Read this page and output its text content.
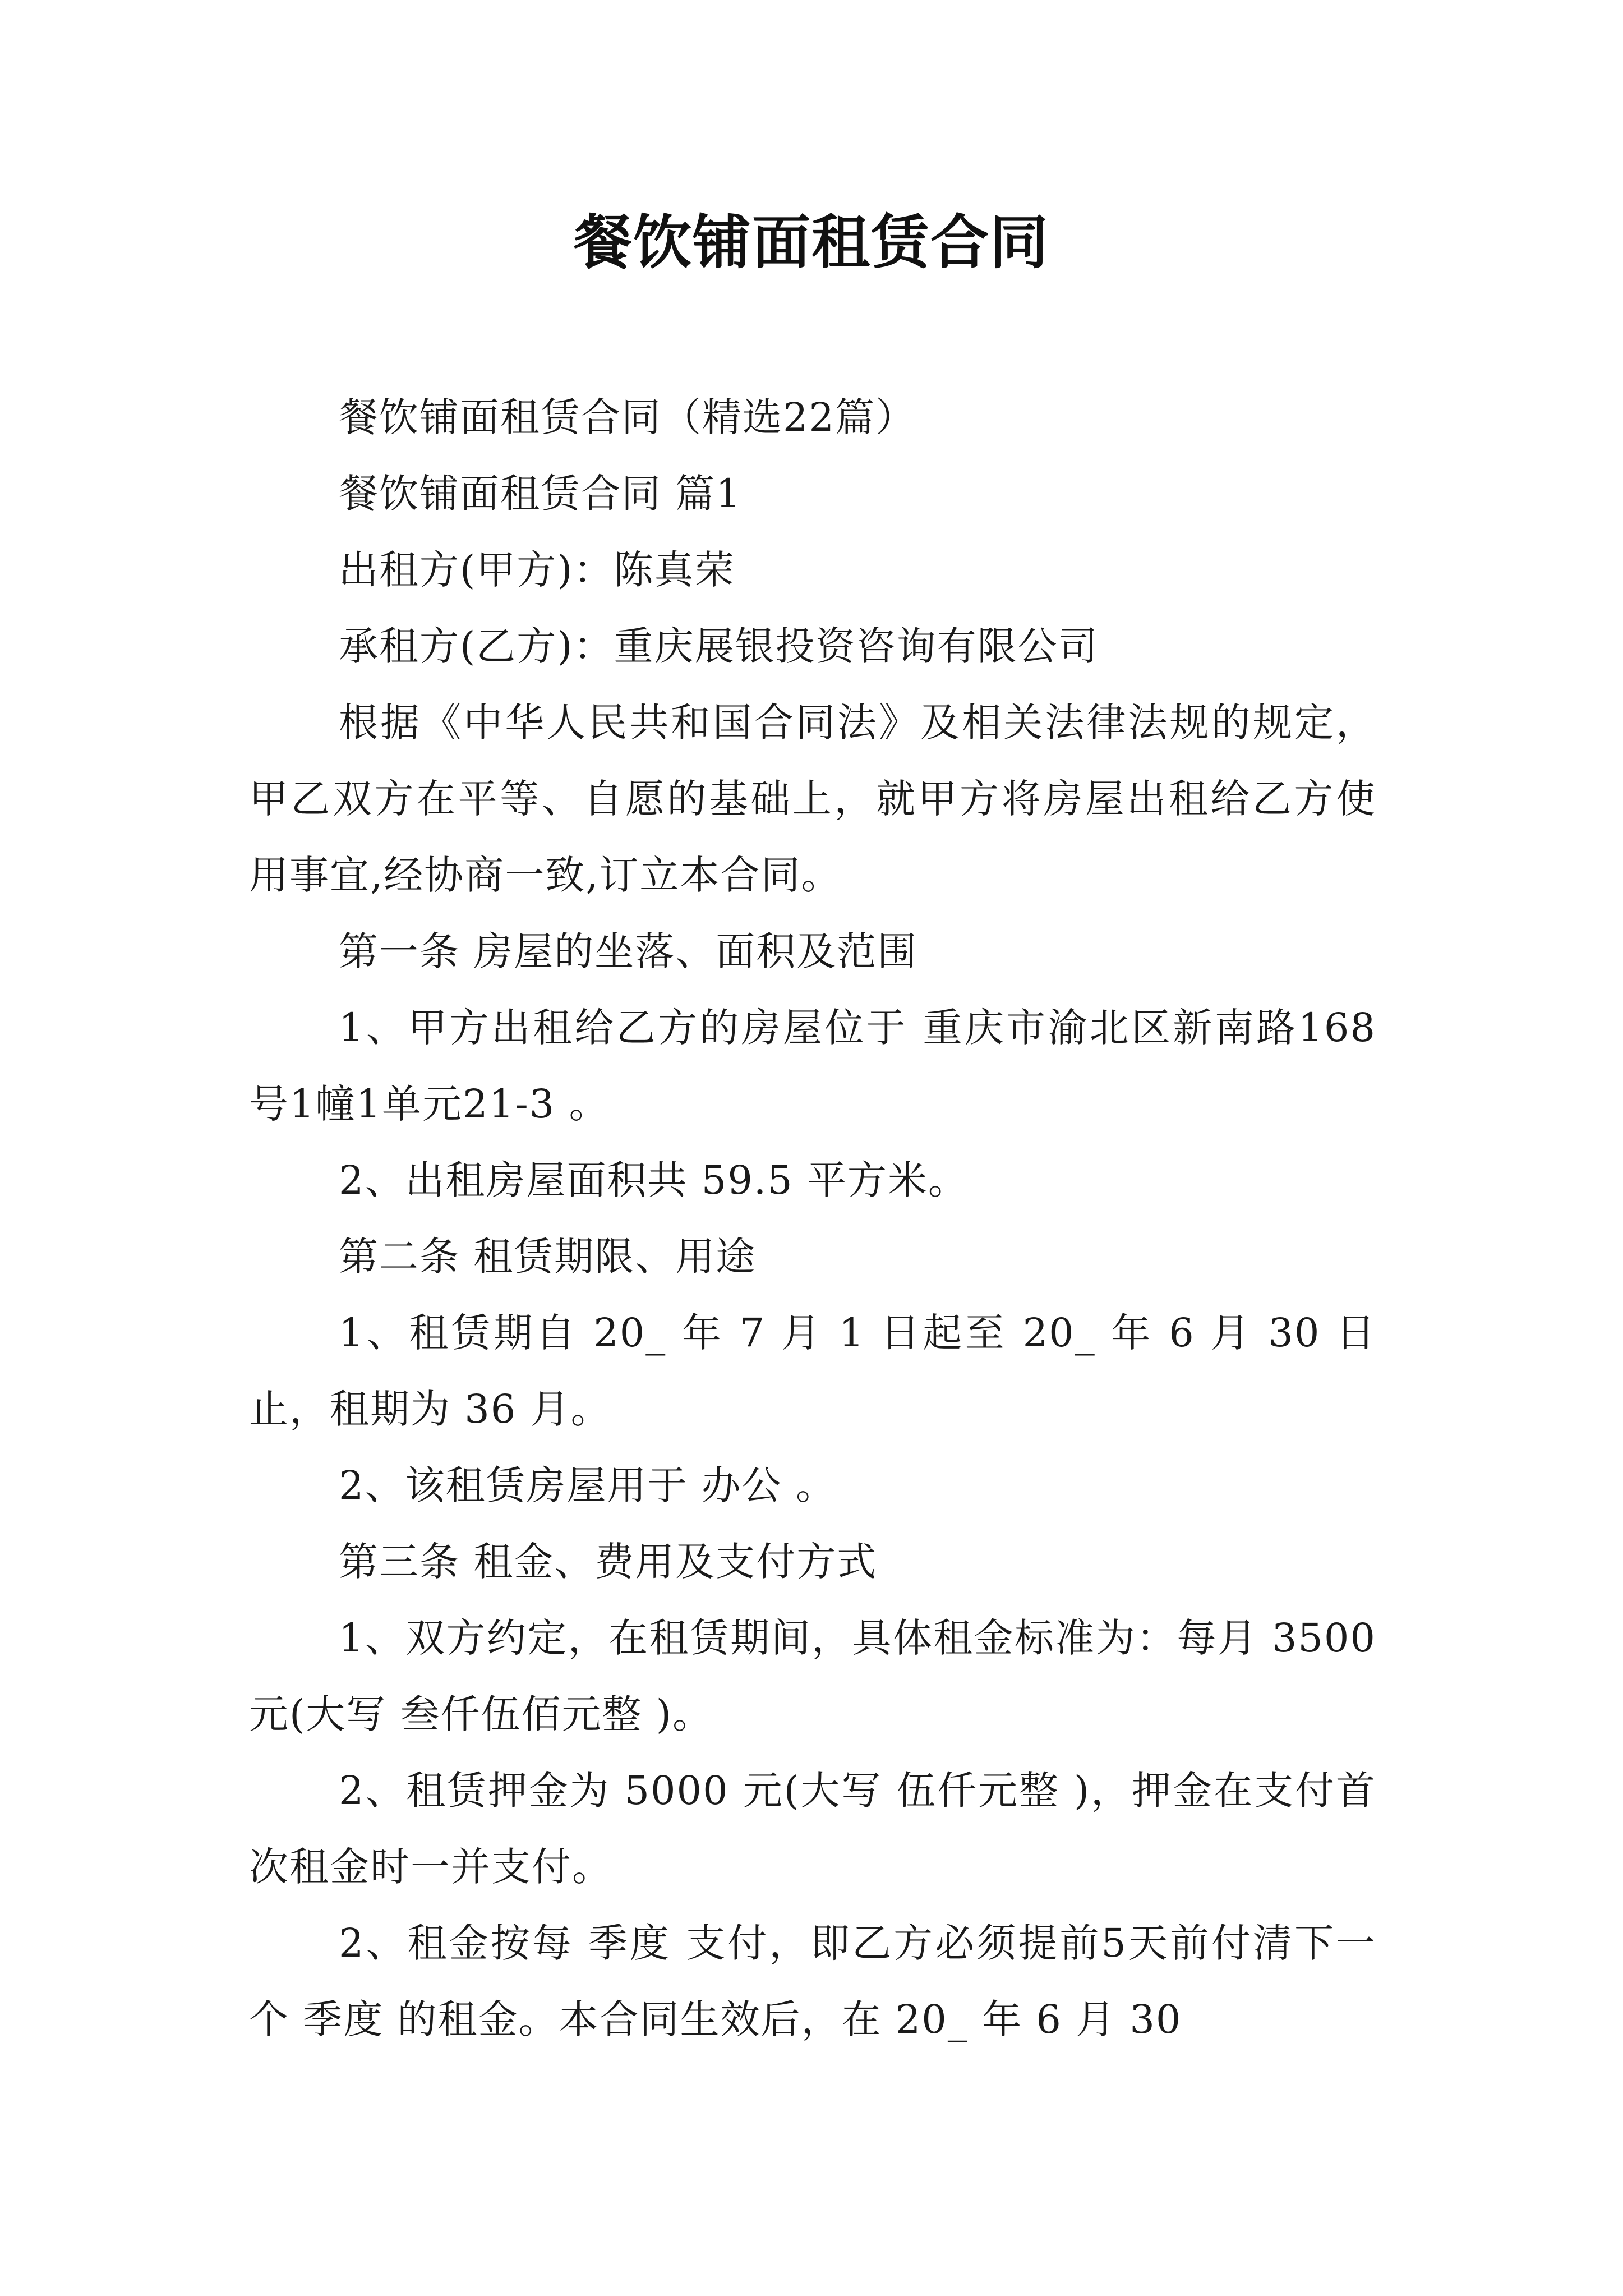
餐饮铺面租赁合同

餐饮铺面租赁合同（精选22篇）

餐饮铺面租赁合同 篇1

出租方(甲方)：陈真荣

承租方(乙方)：重庆展银投资咨询有限公司

根据《中华人民共和国合同法》及相关法律法规的规定，甲乙双方在平等、自愿的基础上，就甲方将房屋出租给乙方使用事宜,经协商一致,订立本合同。

第一条 房屋的坐落、面积及范围

1、甲方出租给乙方的房屋位于 重庆市渝北区新南路168号1幢1单元21-3 。

2、出租房屋面积共 59.5 平方米。

第二条 租赁期限、用途

1、租赁期自 20_ 年 7 月 1 日起至 20_ 年 6 月 30 日止，租期为 36 月。

2、该租赁房屋用于 办公 。

第三条 租金、费用及支付方式

1、双方约定，在租赁期间，具体租金标准为：每月 3500 元(大写 叁仟伍佰元整 )。

2、租赁押金为 5000 元(大写 伍仟元整 )，押金在支付首次租金时一并支付。

2、租金按每 季度 支付，即乙方必须提前5天前付清下一个 季度 的租金。本合同生效后，在 20_ 年 6 月 30
